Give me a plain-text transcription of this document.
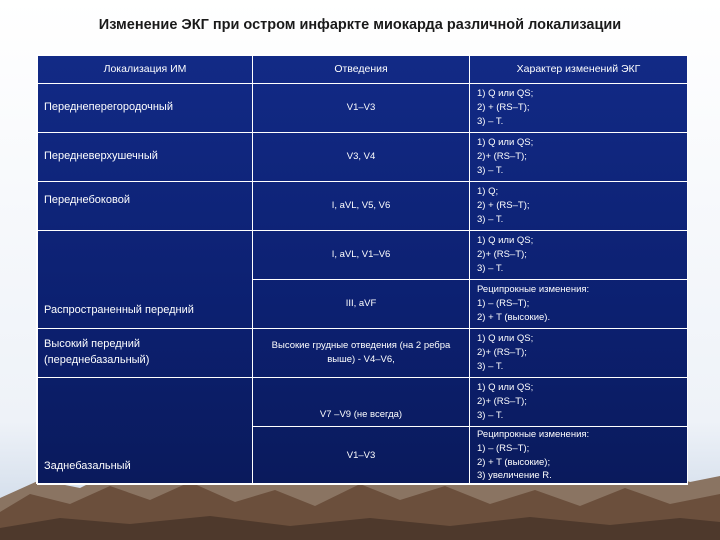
Изменение ЭКГ при остром инфаркте миокарда различной локализации
Локализация ИМ	Отведения	Характер изменений ЭКГ
Переднеперегородочный	V1–V3	1) Q или QS;
2) + (RS–T);
3) – T.

Передневерхушечный	V3, V4	1) Q или QS;
2)+ (RS–T);
3) – T.

Переднебоковой	I, aVL, V5, V6	1) Q;
2) + (RS–T);
3) – T.

Распространенный передний	I, aVL, V1–V6	1) Q или QS;
2)+ (RS–T);
3) – T.

	III, aVF	Реципрокные изменения:
1) – (RS–T);
2) + T (высокие).

Высокий передний
(переднебазальный)	Высокие грудные отведения (на 2 ребра выше) - V4–V6,	1) Q или QS;
2)+ (RS–T);
3) – T.

Заднебазальный	V7 –V9 (не всегда)	1) Q или QS;
2)+ (RS–T);
3) – T.

	V1–V3	Реципрокные изменения:
1) – (RS–T);
2) + T (высокие);
3) увеличение R.
